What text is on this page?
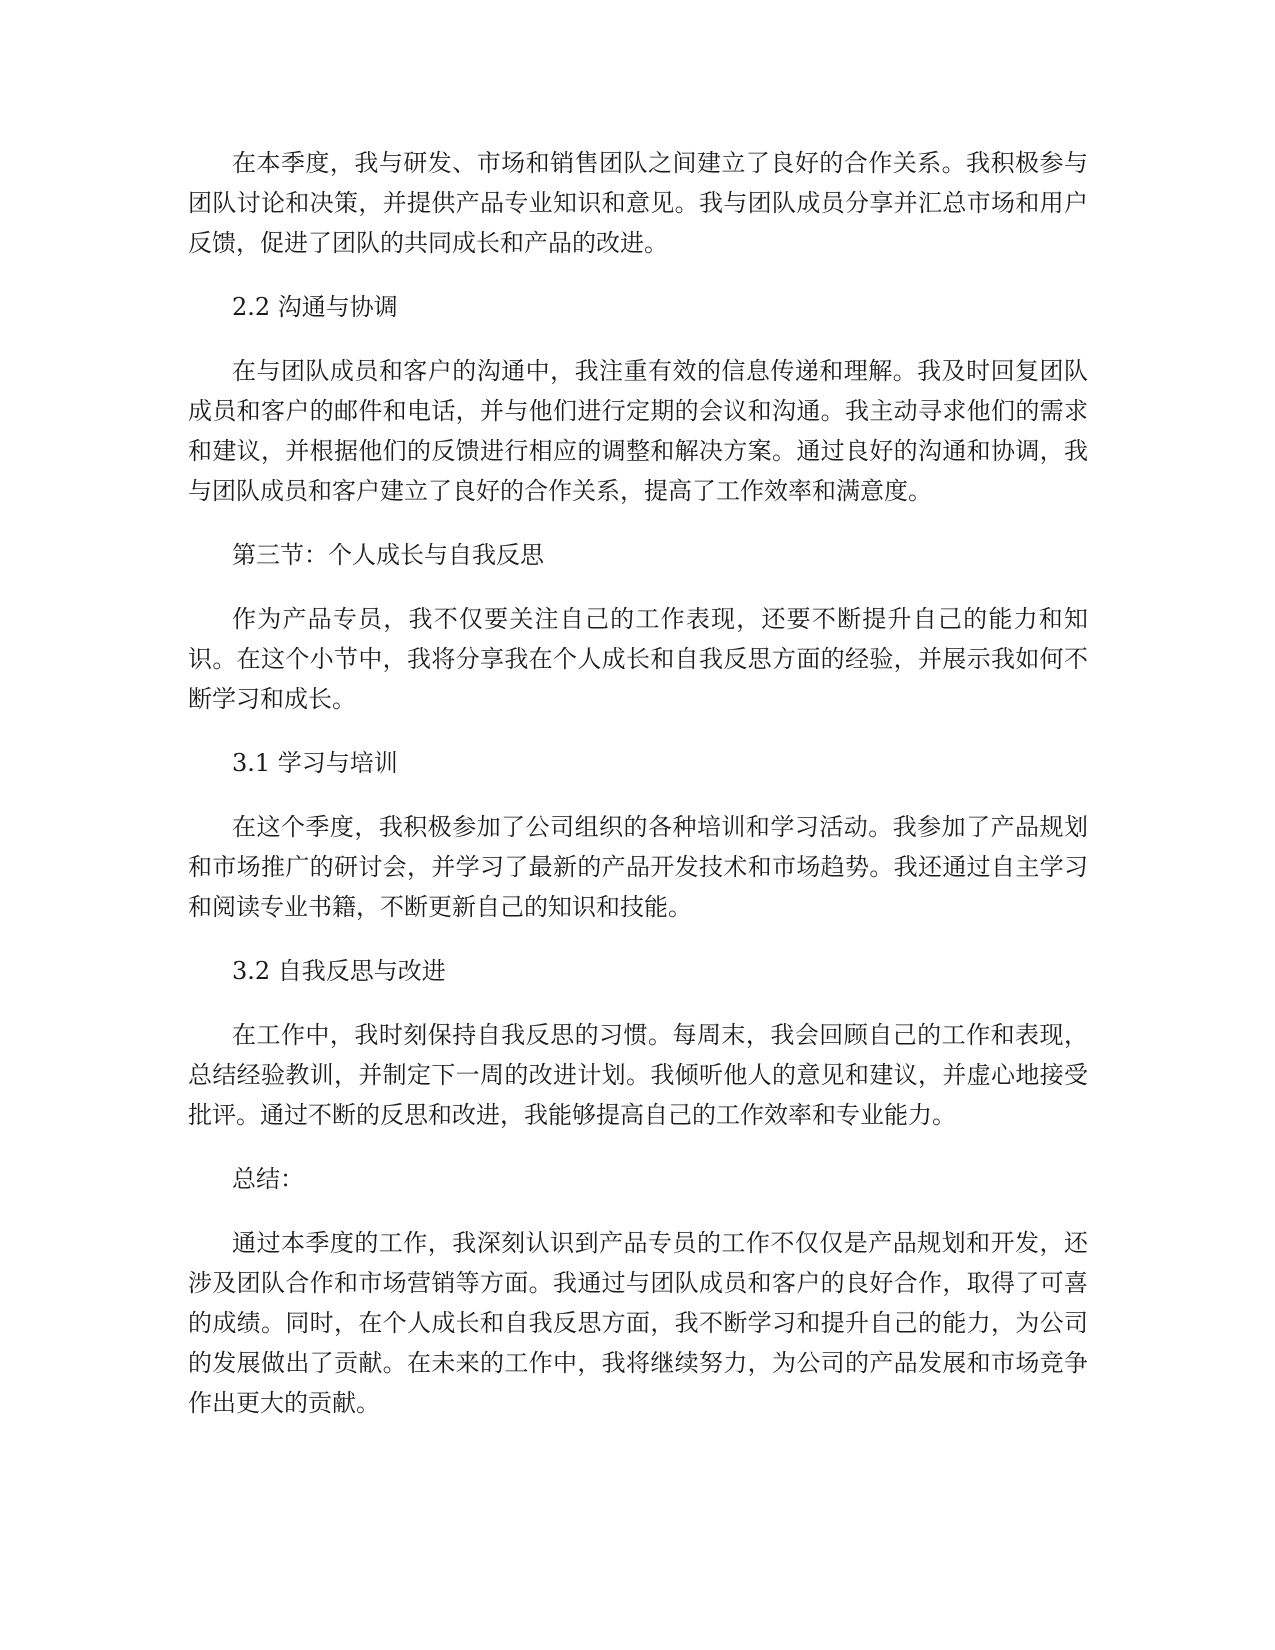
在本季度，我与研发、市场和销售团队之间建立了良好的合作关系。我积极参与团队讨论和决策，并提供产品专业知识和意见。我与团队成员分享并汇总市场和用户反馈，促进了团队的共同成长和产品的改进。

2.2 沟通与协调

在与团队成员和客户的沟通中，我注重有效的信息传递和理解。我及时回复团队成员和客户的邮件和电话，并与他们进行定期的会议和沟通。我主动寻求他们的需求和建议，并根据他们的反馈进行相应的调整和解决方案。通过良好的沟通和协调，我与团队成员和客户建立了良好的合作关系，提高了工作效率和满意度。

第三节：个人成长与自我反思

作为产品专员，我不仅要关注自己的工作表现，还要不断提升自己的能力和知识。在这个小节中，我将分享我在个人成长和自我反思方面的经验，并展示我如何不断学习和成长。

3.1 学习与培训

在这个季度，我积极参加了公司组织的各种培训和学习活动。我参加了产品规划和市场推广的研讨会，并学习了最新的产品开发技术和市场趋势。我还通过自主学习和阅读专业书籍，不断更新自己的知识和技能。

3.2 自我反思与改进

在工作中，我时刻保持自我反思的习惯。每周末，我会回顾自己的工作和表现，总结经验教训，并制定下一周的改进计划。我倾听他人的意见和建议，并虚心地接受批评。通过不断的反思和改进，我能够提高自己的工作效率和专业能力。

总结：

通过本季度的工作，我深刻认识到产品专员的工作不仅仅是产品规划和开发，还涉及团队合作和市场营销等方面。我通过与团队成员和客户的良好合作，取得了可喜的成绩。同时，在个人成长和自我反思方面，我不断学习和提升自己的能力，为公司的发展做出了贡献。在未来的工作中，我将继续努力，为公司的产品发展和市场竞争作出更大的贡献。
